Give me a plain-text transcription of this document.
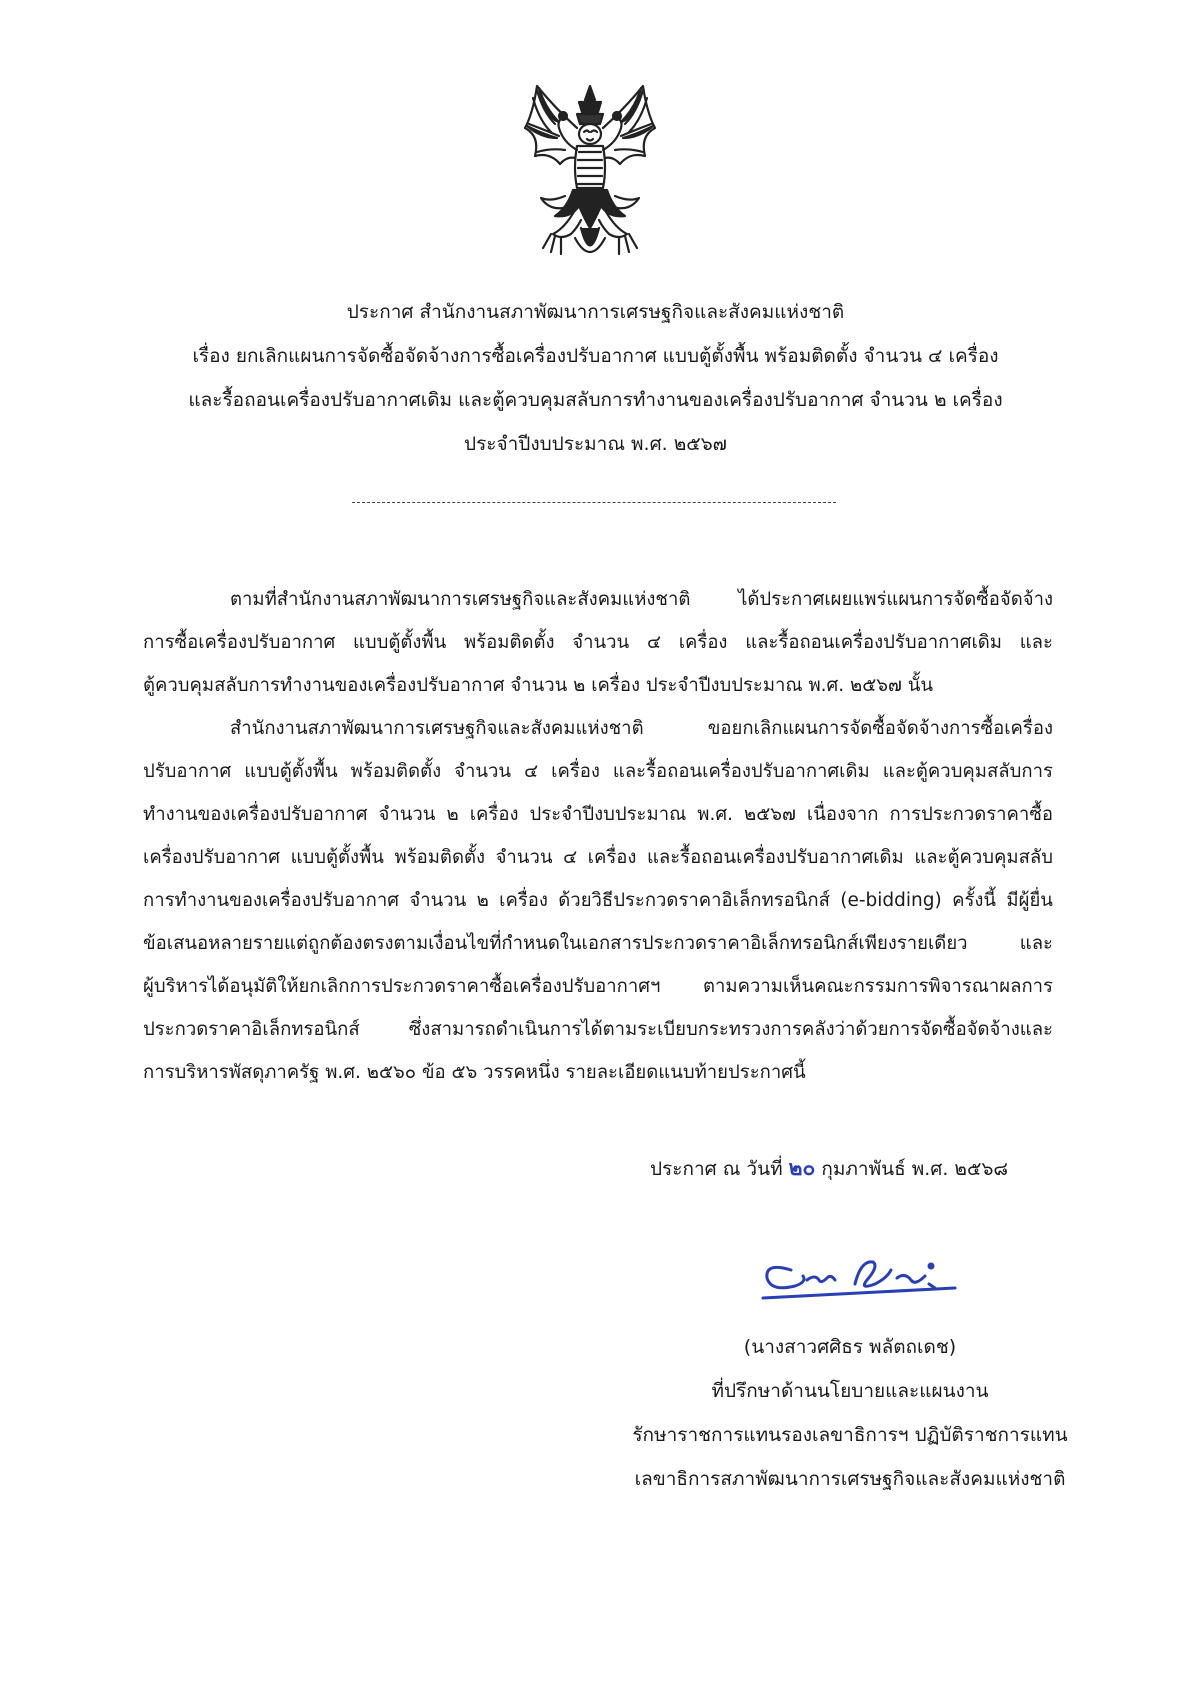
ประกาศ สำนักงานสภาพัฒนาการเศรษฐกิจและสังคมแห่งชาติ
เรื่อง ยกเลิกแผนการจัดซื้อจัดจ้างการซื้อเครื่องปรับอากาศ แบบตู้ตั้งพื้น พร้อมติดตั้ง จำนวน ๔ เครื่อง
และรื้อถอนเครื่องปรับอากาศเดิม และตู้ควบคุมสลับการทำงานของเครื่องปรับอากาศ จำนวน ๒ เครื่อง
ประจำปีงบประมาณ พ.ศ. ๒๕๖๗
ตามที่สำนักงานสภาพัฒนาการเศรษฐกิจและสังคมแห่งชาติ	ได้ประกาศเผยแพร่แผนการจัดซื้อจัดจ้าง
การซื้อเครื่องปรับอากาศ แบบตู้ตั้งพื้น พร้อมติดตั้ง จำนวน ๔ เครื่อง และรื้อถอนเครื่องปรับอากาศเดิม และ
ตู้ควบคุมสลับการทำงานของเครื่องปรับอากาศ จำนวน ๒ เครื่อง ประจำปีงบประมาณ พ.ศ. ๒๕๖๗ นั้น
สำนักงานสภาพัฒนาการเศรษฐกิจและสังคมแห่งชาติ	ขอยกเลิกแผนการจัดซื้อจัดจ้างการซื้อเครื่อง
ปรับอากาศ แบบตู้ตั้งพื้น พร้อมติดตั้ง จำนวน ๔ เครื่อง และรื้อถอนเครื่องปรับอากาศเดิม และตู้ควบคุมสลับการ
ทำงานของเครื่องปรับอากาศ จำนวน ๒ เครื่อง ประจำปีงบประมาณ พ.ศ. ๒๕๖๗ เนื่องจาก การประกวดราคาซื้อ
เครื่องปรับอากาศ แบบตู้ตั้งพื้น พร้อมติดตั้ง จำนวน ๔ เครื่อง และรื้อถอนเครื่องปรับอากาศเดิม และตู้ควบคุมสลับ
การทำงานของเครื่องปรับอากาศ จำนวน ๒ เครื่อง ด้วยวิธีประกวดราคาอิเล็กทรอนิกส์ (e-bidding) ครั้งนี้ มีผู้ยื่น
ข้อเสนอหลายรายแต่ถูกต้องตรงตามเงื่อนไขที่กำหนดในเอกสารประกวดราคาอิเล็กทรอนิกส์เพียงรายเดียว	และ
ผู้บริหารได้อนุมัติให้ยกเลิกการประกวดราคาซื้อเครื่องปรับอากาศฯ ตามความเห็นคณะกรรมการพิจารณาผลการ
ประกวดราคาอิเล็กทรอนิกส์	ซึ่งสามารถดำเนินการได้ตามระเบียบกระทรวงการคลังว่าด้วยการจัดซื้อจัดจ้างและ
การบริหารพัสดุภาครัฐ พ.ศ. ๒๕๖๐ ข้อ ๕๖ วรรคหนึ่ง รายละเอียดแนบท้ายประกาศนี้
ประกาศ ณ วันที่ ๒๐ กุมภาพันธ์ พ.ศ. ๒๕๖๘
(นางสาวศศิธร พลัตถเดช)
ที่ปรึกษาด้านนโยบายและแผนงาน
รักษาราชการแทนรองเลขาธิการฯ ปฏิบัติราชการแทน
เลขาธิการสภาพัฒนาการเศรษฐกิจและสังคมแห่งชาติ
